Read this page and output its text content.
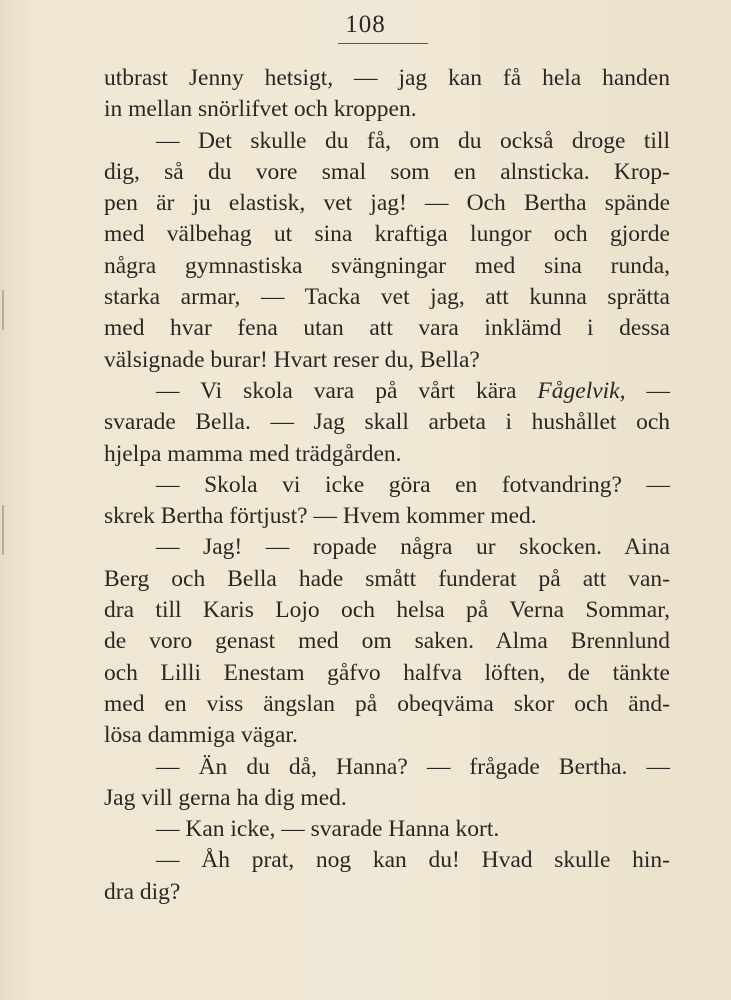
108
utbrast Jenny hetsigt, — jag kan få hela handen
in mellan snörlifvet och kroppen.
— Det skulle du få, om du också droge till
dig, så du vore smal som en alnsticka. Krop-
pen är ju elastisk, vet jag! — Och Bertha spände
med välbehag ut sina kraftiga lungor och gjorde
några gymnastiska svängningar med sina runda,
starka armar, — Tacka vet jag, att kunna sprätta
med hvar fena utan att vara inklämd i dessa
välsignade burar! Hvart reser du, Bella?
— Vi skola vara på vårt kära Fågelvik, —
svarade Bella. — Jag skall arbeta i hushållet och
hjelpa mamma med trädgården.
— Skola vi icke göra en fotvandring? —
skrek Bertha förtjust? — Hvem kommer med.
— Jag! — ropade några ur skocken. Aina
Berg och Bella hade smått funderat på att van-
dra till Karis Lojo och helsa på Verna Sommar,
de voro genast med om saken. Alma Brennlund
och Lilli Enestam gåfvo halfva löften, de tänkte
med en viss ängslan på obeqväma skor och änd-
lösa dammiga vägar.
— Än du då, Hanna? — frågade Bertha. —
Jag vill gerna ha dig med.
— Kan icke, — svarade Hanna kort.
— Åh prat, nog kan du! Hvad skulle hin-
dra dig?
